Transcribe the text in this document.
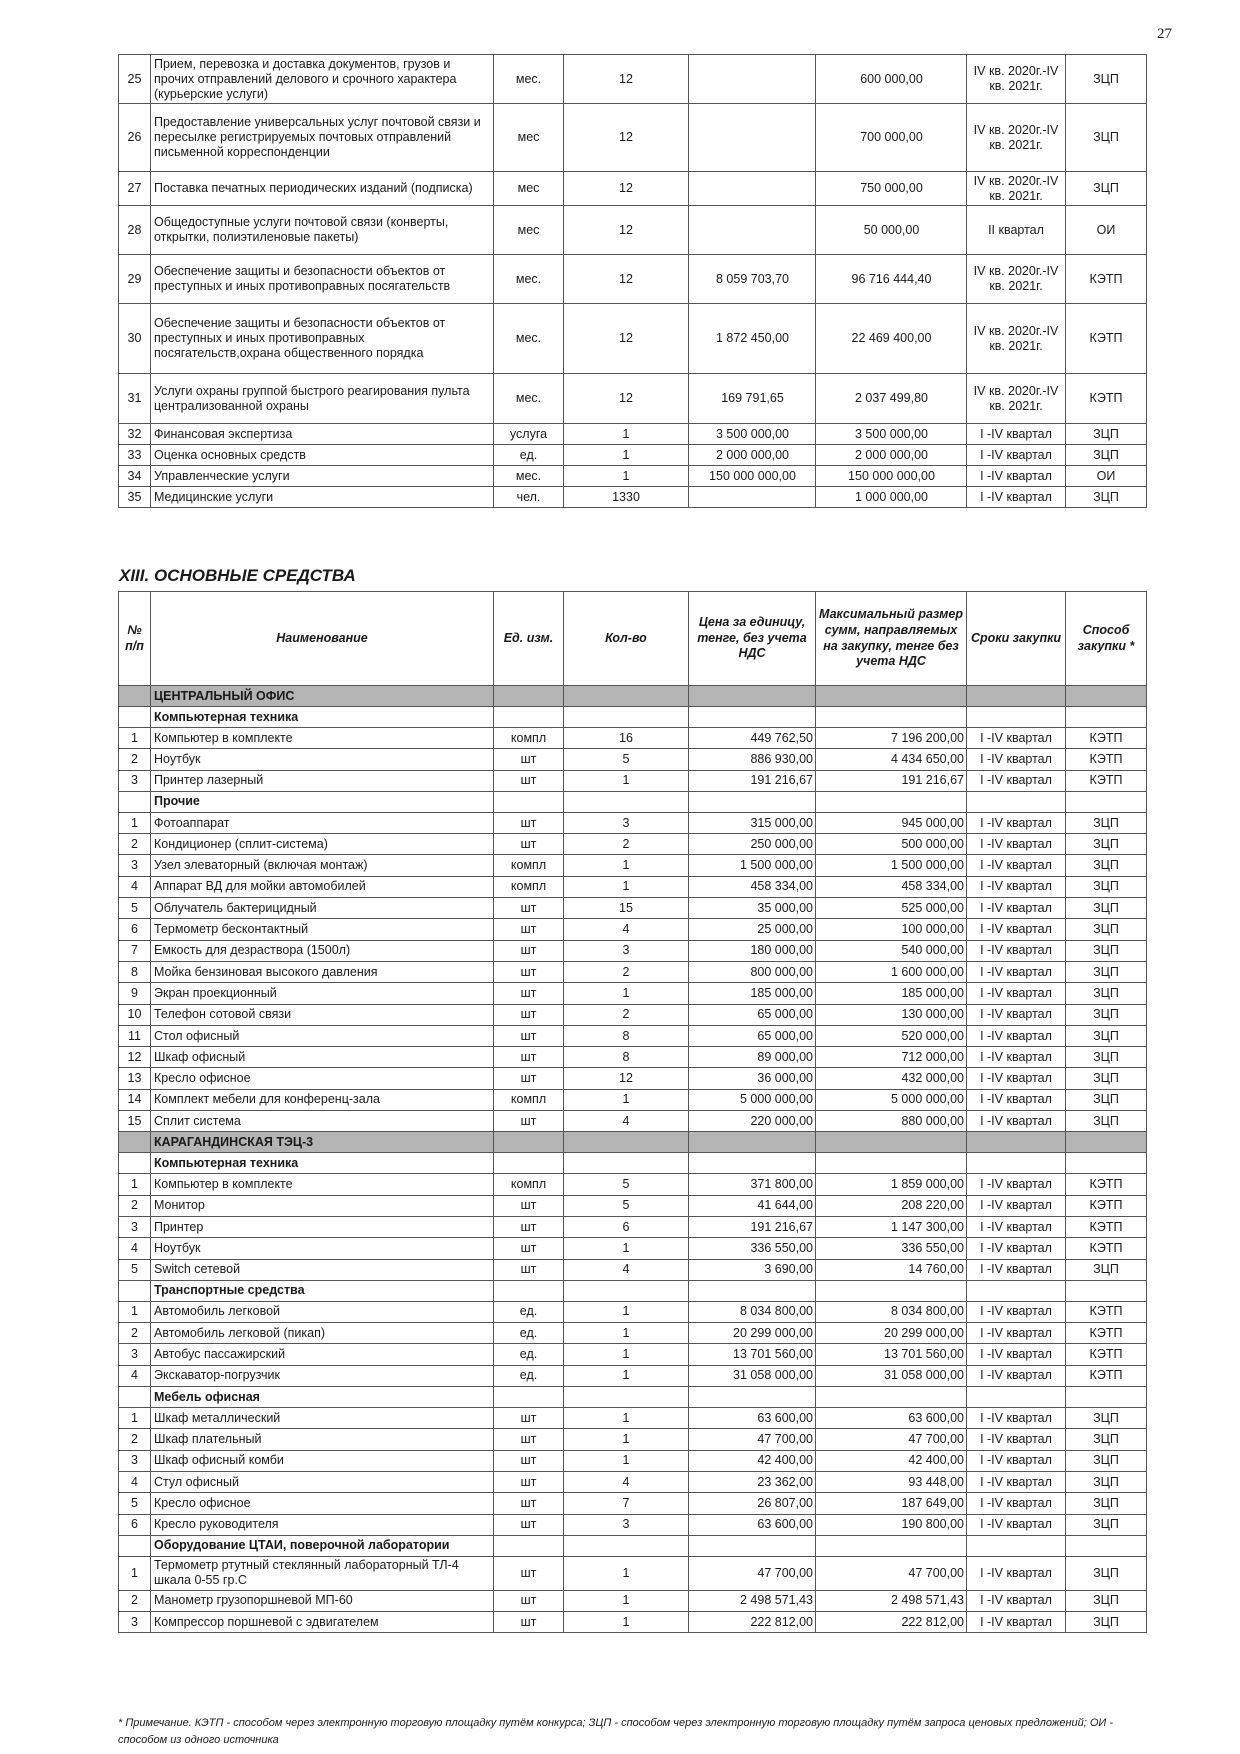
27
25	Прием, перевозка и доставка документов, грузов и прочих отправлений делового и срочного характера (курьерские услуги)	мес.	12		600 000,00	IV кв. 2020г.-IV кв. 2021г.	ЗЦП
26	Предоставление универсальных услуг почтовой связи и пересылке регистрируемых почтовых отправлений письменной корреспонденции	мес	12		700 000,00	IV кв. 2020г.-IV кв. 2021г.	ЗЦП
27	Поставка печатных периодических изданий (подписка)	мес	12		750 000,00	IV кв. 2020г.-IV кв. 2021г.	ЗЦП
28	Общедоступные услуги почтовой связи (конверты, открытки, полиэтиленовые пакеты)	мес	12		50 000,00	II квартал	ОИ
29	Обеспечение защиты и безопасности объектов от преступных и иных противоправных посягательств	мес.	12	8 059 703,70	96 716 444,40	IV кв. 2020г.-IV кв. 2021г.	КЭТП
30	Обеспечение защиты и безопасности объектов от преступных и иных противоправных посягательств,охрана общественного порядка	мес.	12	1 872 450,00	22 469 400,00	IV кв. 2020г.-IV кв. 2021г.	КЭТП
31	Услуги охраны группой быстрого реагирования пульта централизованной охраны	мес.	12	169 791,65	2 037 499,80	IV кв. 2020г.-IV кв. 2021г.	КЭТП
32	Финансовая экспертиза	услуга	1	3 500 000,00	3 500 000,00	I -IV квартал	ЗЦП
33	Оценка основных средств	ед.	1	2 000 000,00	2 000 000,00	I -IV квартал	ЗЦП
34	Управленческие услуги	мес.	1	150 000 000,00	150 000 000,00	I -IV квартал	ОИ
35	Медицинские услуги	чел.	1330		1 000 000,00	I -IV квартал	ЗЦП
XIII. ОСНОВНЫЕ СРЕДСТВА
№ п/п	Наименование	Ед. изм.	Кол-во	Цена за единицу, тенге, без учета НДС	Максимальный размер сумм, направляемых на закупку, тенге без учета НДС	Сроки закупки	Способ закупки *
	ЦЕНТРАЛЬНЫЙ ОФИС						
	Компьютерная техника						
1	Компьютер в комплекте	компл	16	449 762,50	7 196 200,00	I -IV квартал	КЭТП
2	Ноутбук	шт	5	886 930,00	4 434 650,00	I -IV квартал	КЭТП
3	Принтер лазерный	шт	1	191 216,67	191 216,67	I -IV квартал	КЭТП
	Прочие						
1	Фотоаппарат	шт	3	315 000,00	945 000,00	I -IV квартал	ЗЦП
2	Кондиционер (сплит-система)	шт	2	250 000,00	500 000,00	I -IV квартал	ЗЦП
3	Узел элеваторный (включая монтаж)	компл	1	1 500 000,00	1 500 000,00	I -IV квартал	ЗЦП
4	Аппарат ВД для мойки автомобилей	компл	1	458 334,00	458 334,00	I -IV квартал	ЗЦП
5	Облучатель бактерицидный	шт	15	35 000,00	525 000,00	I -IV квартал	ЗЦП
6	Термометр бесконтактный	шт	4	25 000,00	100 000,00	I -IV квартал	ЗЦП
7	Емкость для дезраствора (1500л)	шт	3	180 000,00	540 000,00	I -IV квартал	ЗЦП
8	Мойка бензиновая высокого давления	шт	2	800 000,00	1 600 000,00	I -IV квартал	ЗЦП
9	Экран проекционный	шт	1	185 000,00	185 000,00	I -IV квартал	ЗЦП
10	Телефон сотовой связи	шт	2	65 000,00	130 000,00	I -IV квартал	ЗЦП
11	Стол офисный	шт	8	65 000,00	520 000,00	I -IV квартал	ЗЦП
12	Шкаф офисный	шт	8	89 000,00	712 000,00	I -IV квартал	ЗЦП
13	Кресло офисное	шт	12	36 000,00	432 000,00	I -IV квартал	ЗЦП
14	Комплект мебели для конференц-зала	компл	1	5 000 000,00	5 000 000,00	I -IV квартал	ЗЦП
15	Сплит система	шт	4	220 000,00	880 000,00	I -IV квартал	ЗЦП
	КАРАГАНДИНСКАЯ ТЭЦ-3						
	Компьютерная техника						
1	Компьютер в комплекте	компл	5	371 800,00	1 859 000,00	I -IV квартал	КЭТП
2	Монитор	шт	5	41 644,00	208 220,00	I -IV квартал	КЭТП
3	Принтер	шт	6	191 216,67	1 147 300,00	I -IV квартал	КЭТП
4	Ноутбук	шт	1	336 550,00	336 550,00	I -IV квартал	КЭТП
5	Switch сетевой	шт	4	3 690,00	14 760,00	I -IV квартал	ЗЦП
	Транспортные средства						
1	Автомобиль легковой	ед.	1	8 034 800,00	8 034 800,00	I -IV квартал	КЭТП
2	Автомобиль легковой (пикап)	ед.	1	20 299 000,00	20 299 000,00	I -IV квартал	КЭТП
3	Автобус пассажирский	ед.	1	13 701 560,00	13 701 560,00	I -IV квартал	КЭТП
4	Экскаватор-погрузчик	ед.	1	31 058 000,00	31 058 000,00	I -IV квартал	КЭТП
	Мебель офисная						
1	Шкаф металлический	шт	1	63 600,00	63 600,00	I -IV квартал	ЗЦП
2	Шкаф плательный	шт	1	47 700,00	47 700,00	I -IV квартал	ЗЦП
3	Шкаф офисный комби	шт	1	42 400,00	42 400,00	I -IV квартал	ЗЦП
4	Стул офисный	шт	4	23 362,00	93 448,00	I -IV квартал	ЗЦП
5	Кресло офисное	шт	7	26 807,00	187 649,00	I -IV квартал	ЗЦП
6	Кресло руководителя	шт	3	63 600,00	190 800,00	I -IV квартал	ЗЦП
	Оборудование ЦТАИ, поверочной лаборатории						
1	Термометр ртутный стеклянный лабораторный ТЛ-4 шкала 0-55 гр.С	шт	1	47 700,00	47 700,00	I -IV квартал	ЗЦП
2	Манометр грузопоршневой МП-60	шт	1	2 498 571,43	2 498 571,43	I -IV квартал	ЗЦП
3	Компрессор поршневой с эдвигателем	шт	1	222 812,00	222 812,00	I -IV квартал	ЗЦП

* Примечание. КЭТП - способом через электронную торговую площадку путём конкурса; ЗЦП - способом через электронную торговую площадку путём запроса ценовых предложений; ОИ - способом из одного источника
